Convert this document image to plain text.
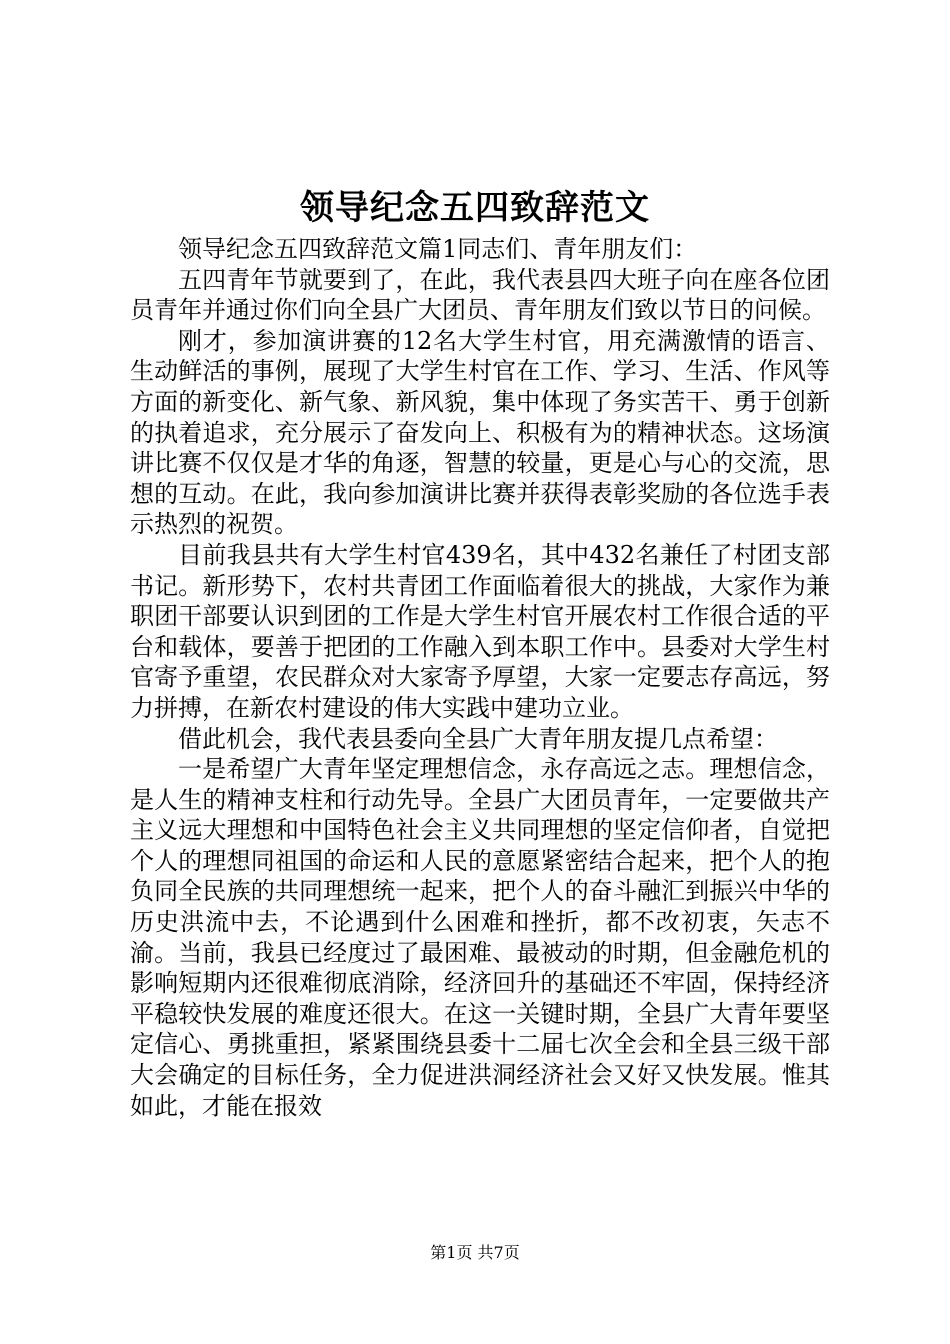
领导纪念五四致辞范文

领导纪念五四致辞范文篇1同志们、青年朋友们：

五四青年节就要到了，在此，我代表县四大班子向在座各位团员青年并通过你们向全县广大团员、青年朋友们致以节日的问候。

刚才，参加演讲赛的12名大学生村官，用充满激情的语言、生动鲜活的事例，展现了大学生村官在工作、学习、生活、作风等方面的新变化、新气象、新风貌，集中体现了务实苦干、勇于创新的执着追求，充分展示了奋发向上、积极有为的精神状态。这场演讲比赛不仅仅是才华的角逐，智慧的较量，更是心与心的交流，思想的互动。在此，我向参加演讲比赛并获得表彰奖励的各位选手表示热烈的祝贺。

目前我县共有大学生村官439名，其中432名兼任了村团支部书记。新形势下，农村共青团工作面临着很大的挑战，大家作为兼职团干部要认识到团的工作是大学生村官开展农村工作很合适的平台和载体，要善于把团的工作融入到本职工作中。县委对大学生村官寄予重望，农民群众对大家寄予厚望，大家一定要志存高远，努力拼搏，在新农村建设的伟大实践中建功立业。

借此机会，我代表县委向全县广大青年朋友提几点希望：

一是希望广大青年坚定理想信念，永存高远之志。理想信念，是人生的精神支柱和行动先导。全县广大团员青年，一定要做共产主义远大理想和中国特色社会主义共同理想的坚定信仰者，自觉把个人的理想同祖国的命运和人民的意愿紧密结合起来，把个人的抱负同全民族的共同理想统一起来，把个人的奋斗融汇到振兴中华的历史洪流中去，不论遇到什么困难和挫折，都不改初衷，矢志不渝。当前，我县已经度过了最困难、最被动的时期，但金融危机的影响短期内还很难彻底消除，经济回升的基础还不牢固，保持经济平稳较快发展的难度还很大。在这一关键时期，全县广大青年要坚定信心、勇挑重担，紧紧围绕县委十二届七次全会和全县三级干部大会确定的目标任务，全力促进洪洞经济社会又好又快发展。惟其如此，才能在报效

第1页 共7页
